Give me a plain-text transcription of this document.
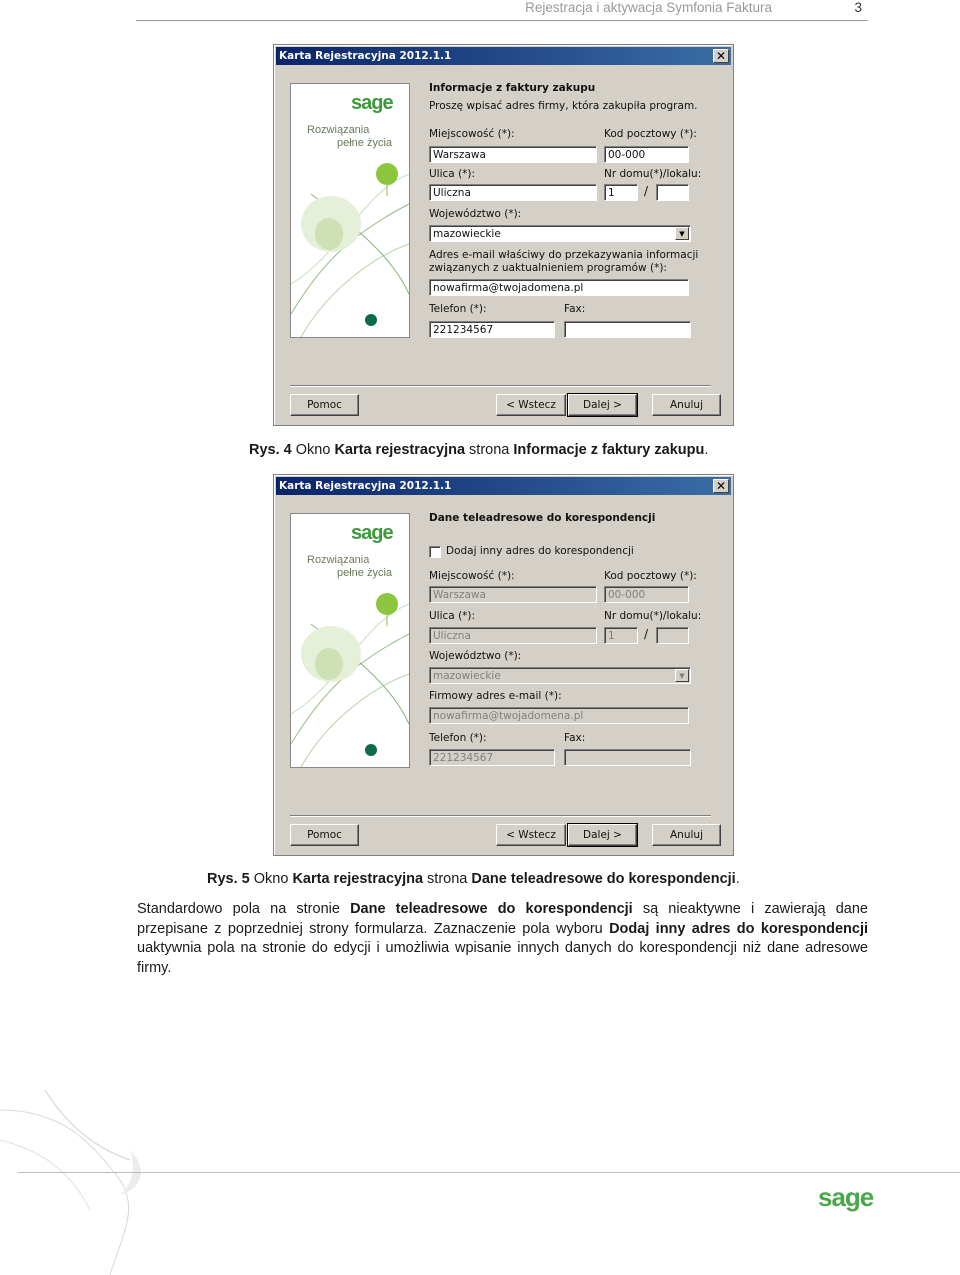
Rejestracja i aktywacja Symfonia Faktura	3
Karta Rejestracyjna 2012.1.1	✕
sage
Rozwiązania
pełne życia
Informacje z faktury zakupu
Proszę wpisać adres firmy, która zakupiła program.
Miejscowość (*):	Kod pocztowy (*):
Warszawa	00-000
Ulica (*):	Nr domu(*)/lokalu:
Uliczna	1	/
Województwo (*):
mazowieckie	▼
Adres e-mail właściwy do przekazywania informacji
związanych z uaktualnieniem programów (*):
nowafirma@twojadomena.pl
Telefon (*):	Fax:
221234567
Pomoc	< Wstecz	Dalej >	Anuluj
Rys. 4 Okno Karta rejestracyjna strona Informacje z faktury zakupu.
Karta Rejestracyjna 2012.1.1	✕
sage
Rozwiązania
pełne życia
Dane teleadresowe do korespondencji
Dodaj inny adres do korespondencji
Miejscowość (*):	Kod pocztowy (*):
Warszawa	00-000
Ulica (*):	Nr domu(*)/lokalu:
Uliczna	1	/
Województwo (*):
mazowieckie	▼
Firmowy adres e-mail (*):
nowafirma@twojadomena.pl
Telefon (*):	Fax:
221234567
Pomoc	< Wstecz	Dalej >	Anuluj
Rys. 5 Okno Karta rejestracyjna strona Dane teleadresowe do korespondencji.
Standardowo pola na stronie Dane teleadresowe do korespondencji są nieaktywne i zawierają dane przepisane z poprzedniej strony formularza. Zaznaczenie pola wyboru Dodaj inny adres do korespondencji uaktywnia pola na stronie do edycji i umożliwia wpisanie innych danych do korespondencji niż dane adresowe firmy.
sage
